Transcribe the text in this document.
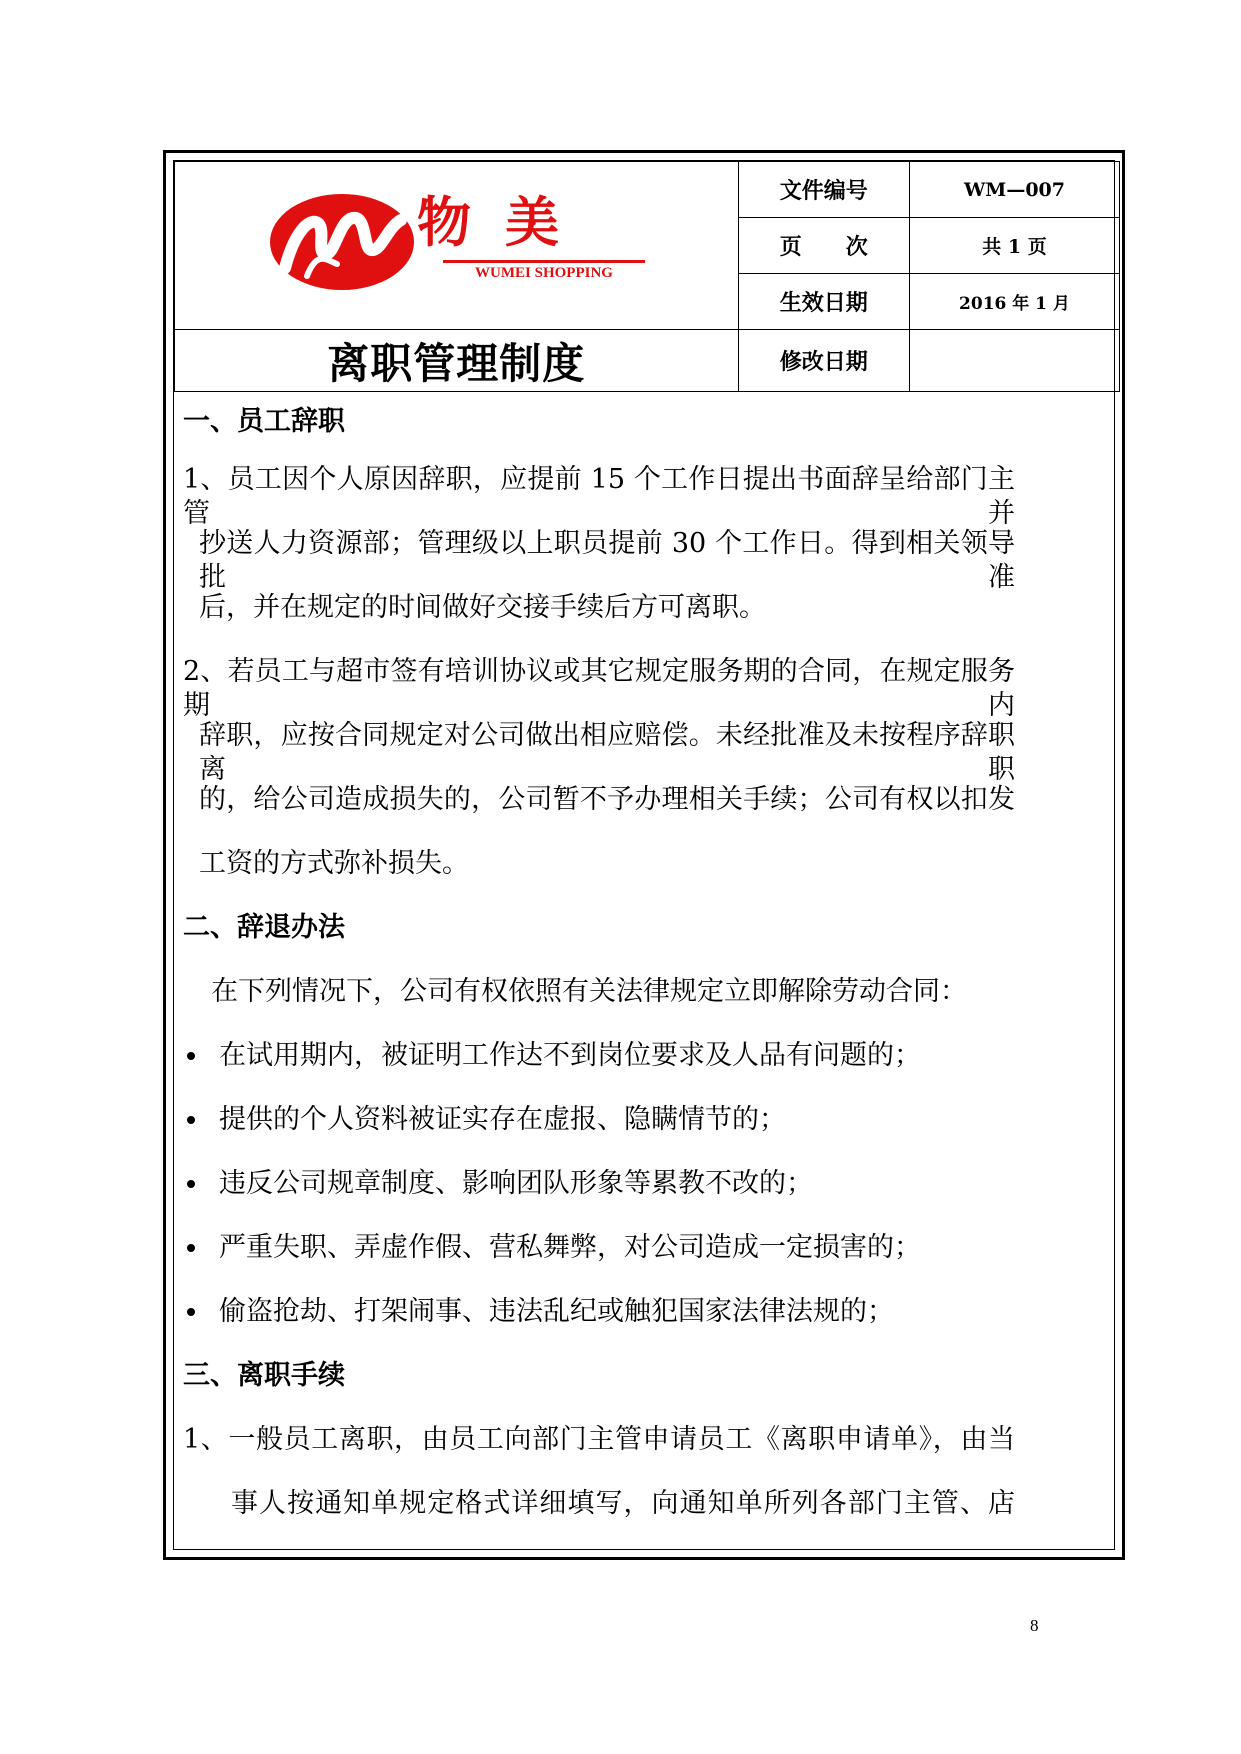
物美
WUMEI SHOPPING	文件编号	WM—007
	页　　次	共 1 页
	生效日期	2016 年 1 月
离职管理制度	修改日期	
一、员工辞职
1、员工因个人原因辞职，应提前 15 个工作日提出书面辞呈给部门主管并
抄送人力资源部；管理级以上职员提前 30 个工作日。得到相关领导批准
后，并在规定的时间做好交接手续后方可离职。
2、若员工与超市签有培训协议或其它规定服务期的合同，在规定服务期内
辞职，应按合同规定对公司做出相应赔偿。未经批准及未按程序辞职离职
的，给公司造成损失的，公司暂不予办理相关手续；公司有权以扣发
工资的方式弥补损失。
二、辞退办法
在下列情况下，公司有权依照有关法律规定立即解除劳动合同：
在试用期内，被证明工作达不到岗位要求及人品有问题的；
提供的个人资料被证实存在虚报、隐瞒情节的；
违反公司规章制度、影响团队形象等累教不改的；
严重失职、弄虚作假、营私舞弊，对公司造成一定损害的；
偷盗抢劫、打架闹事、违法乱纪或触犯国家法律法规的；
三、离职手续
1、一般员工离职，由员工向部门主管申请员工《离职申请单》，由当
事人按通知单规定格式详细填写，向通知单所列各部门主管、店
8
